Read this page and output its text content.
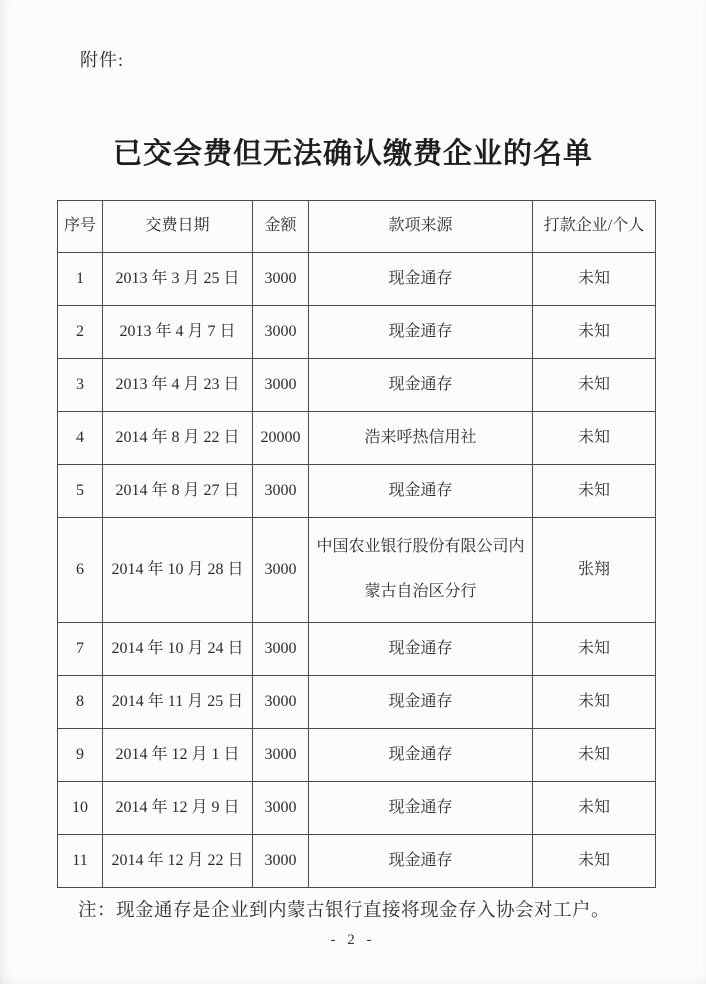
附件:
已交会费但无法确认缴费企业的名单
序号	交费日期	金额	款项来源	打款企业/个人
1	2013 年 3 月 25 日	3000	现金通存	未知
2	2013 年 4 月 7 日	3000	现金通存	未知
3	2013 年 4 月 23 日	3000	现金通存	未知
4	2014 年 8 月 22 日	20000	浩来呼热信用社	未知
5	2014 年 8 月 27 日	3000	现金通存	未知
6	2014 年 10 月 28 日	3000	中国农业银行股份有限公司内蒙古自治区分行	张翔
7	2014 年 10 月 24 日	3000	现金通存	未知
8	2014 年 11 月 25 日	3000	现金通存	未知
9	2014 年 12 月 1 日	3000	现金通存	未知
10	2014 年 12 月 9 日	3000	现金通存	未知
11	2014 年 12 月 22 日	3000	现金通存	未知
注：现金通存是企业到内蒙古银行直接将现金存入协会对工户。
- 2 -
